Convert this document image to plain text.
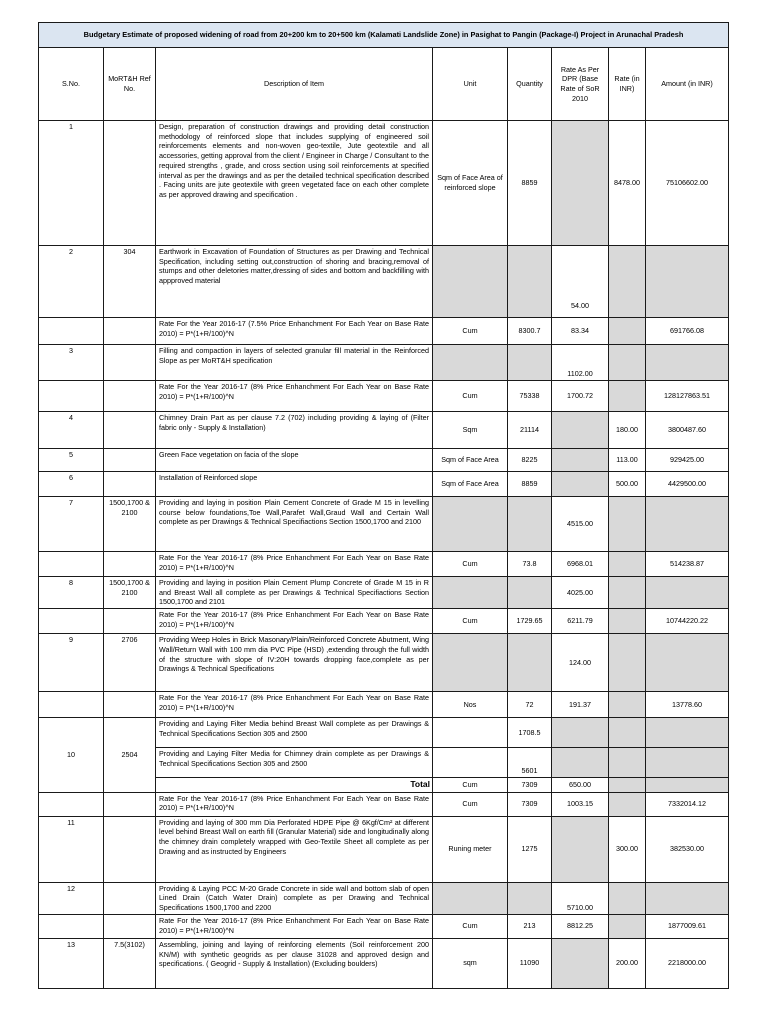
Budgetary Estimate of proposed widening of road from 20+200 km to 20+500 km (Kalamati Landslide Zone) in Pasighat to Pangin (Package-I) Project in Arunachal Pradesh							
S.No.	MoRT&H Ref No.	Description of Item	Unit	Quantity	Rate As Per DPR (Base Rate of SoR 2010	Rate (in INR)	Amount (in INR)
1		Design, preparation of construction drawings and providing detail construction methodology of reinforced slope that includes supplying of engineered soil reinforcements elements and non-woven geo-textile, Jute geotextile and all accessories, getting approval from the client / Engineer in Charge / Consultant to the required strengths , grade, and cross section using soil reinforcements at specified interval as per the drawings and as per the detailed technical specification described . Facing units are jute geotextile with green vegetated face on each other complete as per approved drawing and specification .	Sqm of Face Area of reinforced slope	8859		8478.00	75106602.00
2	304	Earthwork in Excavation of Foundation of Structures as per Drawing and Technical Specification, including setting out,construction of shoring and bracing,removal of stumps and other deletories matter,dressing of sides and bottom and backfilling with appproved material			54.00		
		Rate For the Year 2016-17 (7.5% Price Enhanchment For Each Year on Base Rate 2010) = P*(1+R/100)^N	Cum	8300.7	83.34		691766.08
3		Filling and compaction in layers of selected granular fill material in the Reinforced Slope as per MoRT&H specification			1102.00		
		Rate For the Year 2016-17 (8% Price Enhanchment For Each Year on Base Rate 2010) = P*(1+R/100)^N	Cum	75338	1700.72		128127863.51
4		Chimney Drain Part as per clause 7.2 (702) including providing & laying of (Filter fabric only - Supply & Installation)	Sqm	21114		180.00	3800487.60
5		Green Face vegetation on facia of the slope	Sqm of Face Area	8225		113.00	929425.00
6		Installation of Reinforced slope	Sqm of Face Area	8859		500.00	4429500.00
7	1500,1700 & 2100	Providing and laying in position Plain Cement Concrete of Grade M 15 in levelling course below foundations,Toe Wall,Parafet Wall,Graud Wall and Certain Wall complete as per Drawings & Technical Specifiactions Section 1500,1700 and 2100			4515.00		
		Rate For the Year 2016-17 (8% Price Enhanchment For Each Year on Base Rate 2010) = P*(1+R/100)^N	Cum	73.8	6968.01		514238.87
8	1500,1700 & 2100	Providing and laying in position Plain Cement Plump Concrete of Grade M 15 in R and Breast Wall all complete as per Drawings & Technical Specifiactions Section 1500,1700 and 2101			4025.00		
		Rate For the Year 2016-17 (8% Price Enhanchment For Each Year on Base Rate 2010) = P*(1+R/100)^N	Cum	1729.65	6211.79		10744220.22
9	2706	Providing Weep Holes in Brick Masonary/Plain/Reinforced Concrete Abutment, Wing Wall/Return Wall with 100 mm dia PVC Pipe (HSD) ,extending through the full width of the structure with slope of IV:20H towards dropping face,complete as per Drawings & Technical Specifications			124.00		
		Rate For the Year 2016-17 (8% Price Enhanchment For Each Year on Base Rate 2010) = P*(1+R/100)^N	Nos	72	191.37		13778.60
10	2504	Providing and Laying Filter Media behind Breast Wall complete as per Drawings & Technical Specifications Section 305 and 2500		1708.5			
		Providing and Laying Filter Media for Chimney drain complete as per Drawings & Technical Specifications Section 305 and 2500		5601			
		Total	Cum	7309	650.00		
		Rate For the Year 2016-17 (8% Price Enhanchment For Each Year on Base Rate 2010) = P*(1+R/100)^N	Cum	7309	1003.15		7332014.12
11		Providing and laying of 300 mm Dia Perforated HDPE Pipe @ 6Kgf/Cm² at different level behind Breast Wall on earth fill (Granular Material) side and longitudinally along the chimney drain completely wrapped with Geo-Textile Sheet all complete as per Drawing and as instructed by Engineers	Runing meter	1275		300.00	382530.00
12		Providing & Laying PCC M-20 Grade Concrete in side wall and bottom slab of open Lined Drain (Catch Water Drain) complete as per Drawing and Technical Specifications 1500,1700 and 2200			5710.00		
		Rate For the Year 2016-17 (8% Price Enhanchment For Each Year on Base Rate 2010) = P*(1+R/100)^N	Cum	213	8812.25		1877009.61
13	7.5(3102)	Assembling, joining and laying of reinforcing elements (Soil reinforcement 200 KN/M) with synthetic geogrids as per clause 31028 and approved design and specifications. ( Geogrid - Supply & Installation) (Excluding boulders)	sqm	11090		200.00	2218000.00
